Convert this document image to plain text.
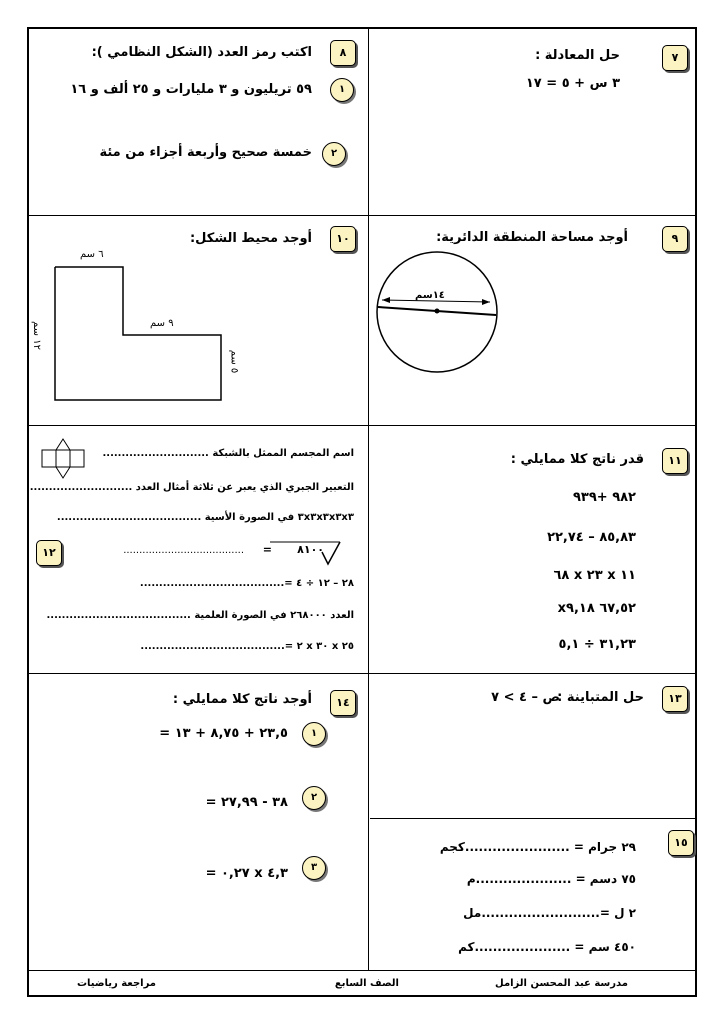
٧
حل المعادلة :
٣ س + ٥ = ١٧
٨
اكتب رمز العدد (الشكل النظامي ):
١
٥٩ تريليون و ٣ مليارات و ٢٥ ألف و ١٦
٢
خمسة صحيح وأربعة أجزاء من مئة
٩
أوجد مساحة المنطقة الدائرية:
١٤سم
١٠
أوجد محيط الشكل:
٦ سم
١٢ سم
٩ سم
٥ سم
١١
قدر ناتج كلا ممايلي :
٩٨٢ +٩٣٩
٨٥,٨٣ – ٢٢,٧٤
١١ x ٢٣ x ٦٨
٦٧,٥٢ x٩,١٨
٣١,٢٣ ÷ ٥,١
١٢
اسم المجسم الممثل بالشبكة ............................
التعبير الجبري الذي يعبر عن ثلاثة أمثال العدد ...........................
٣x٣x٣x٣x٣ في الصورة الأسية ......................................
٨١٠٠
=
......................................
٢٨ – ١٢ ÷ ٤ =......................................
العدد ٢٦٨٠٠٠ في الصورة العلمية ......................................
٢٥ x ٣٠ x ٢ =......................................
١٣
حل المتباينة :
ص – ٤ > ٧
١٤
أوجد ناتج كلا ممايلي :
١
٢٣,٥ + ٨,٧٥ + ١٣ =
٢
٣٨ - ٢٧,٩٩ =
٣
٤,٣ x ٠,٢٧ =
١٥
٢٩ جرام = .......................كجم
٧٥ دسم = .....................م
٢ ل =..........................مل
٤٥٠ سم = .....................كم
مدرسة عبد المحسن الزامل
الصف السابع
مراجعة رياضيات
